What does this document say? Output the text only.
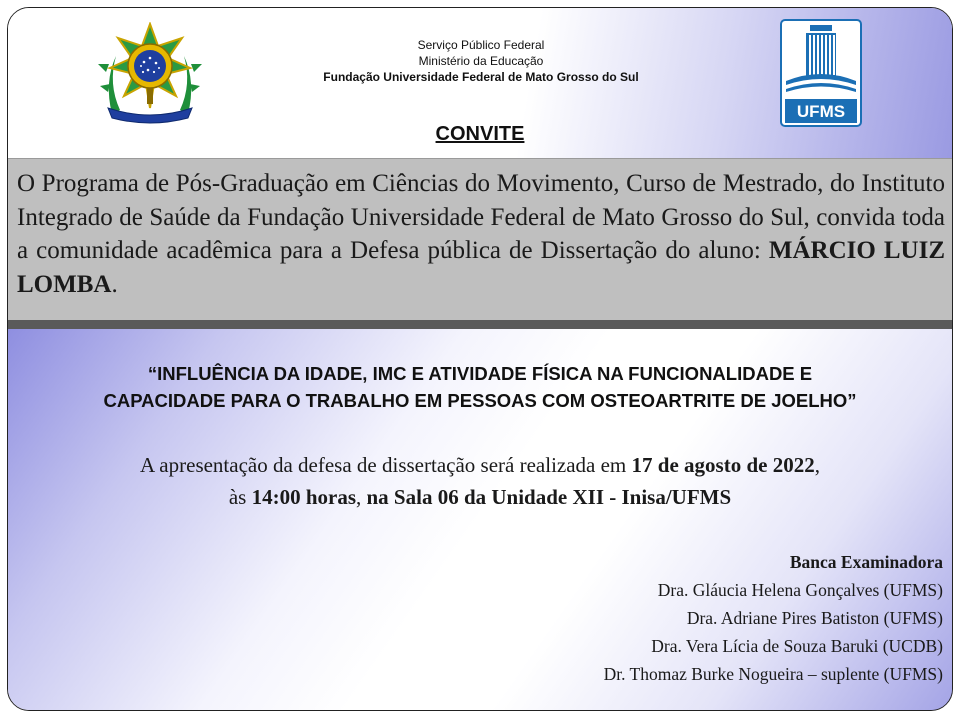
UFMS
Serviço Público Federal
Ministério da Educação
Fundação Universidade Federal de Mato Grosso do Sul
CONVITE

O Programa de Pós-Graduação em Ciências do Movimento, Curso de Mestrado, do Instituto Integrado de Saúde da Fundação Universidade Federal de Mato Grosso do Sul, convida toda a comunidade acadêmica para a Defesa pública de Dissertação do aluno: MÁRCIO LUIZ LOMBA.

“INFLUÊNCIA DA IDADE, IMC E ATIVIDADE FÍSICA NA FUNCIONALIDADE E
CAPACIDADE PARA O TRABALHO EM PESSOAS COM OSTEOARTRITE DE JOELHO”
A apresentação da defesa de dissertação será realizada em 17 de agosto de 2022,
às 14:00 horas, na Sala 06 da Unidade XII - Inisa/UFMS
Banca Examinadora
Dra. Gláucia Helena Gonçalves (UFMS)
Dra. Adriane Pires Batiston (UFMS)
Dra. Vera Lícia de Souza Baruki (UCDB)
Dr. Thomaz Burke Nogueira – suplente (UFMS)
